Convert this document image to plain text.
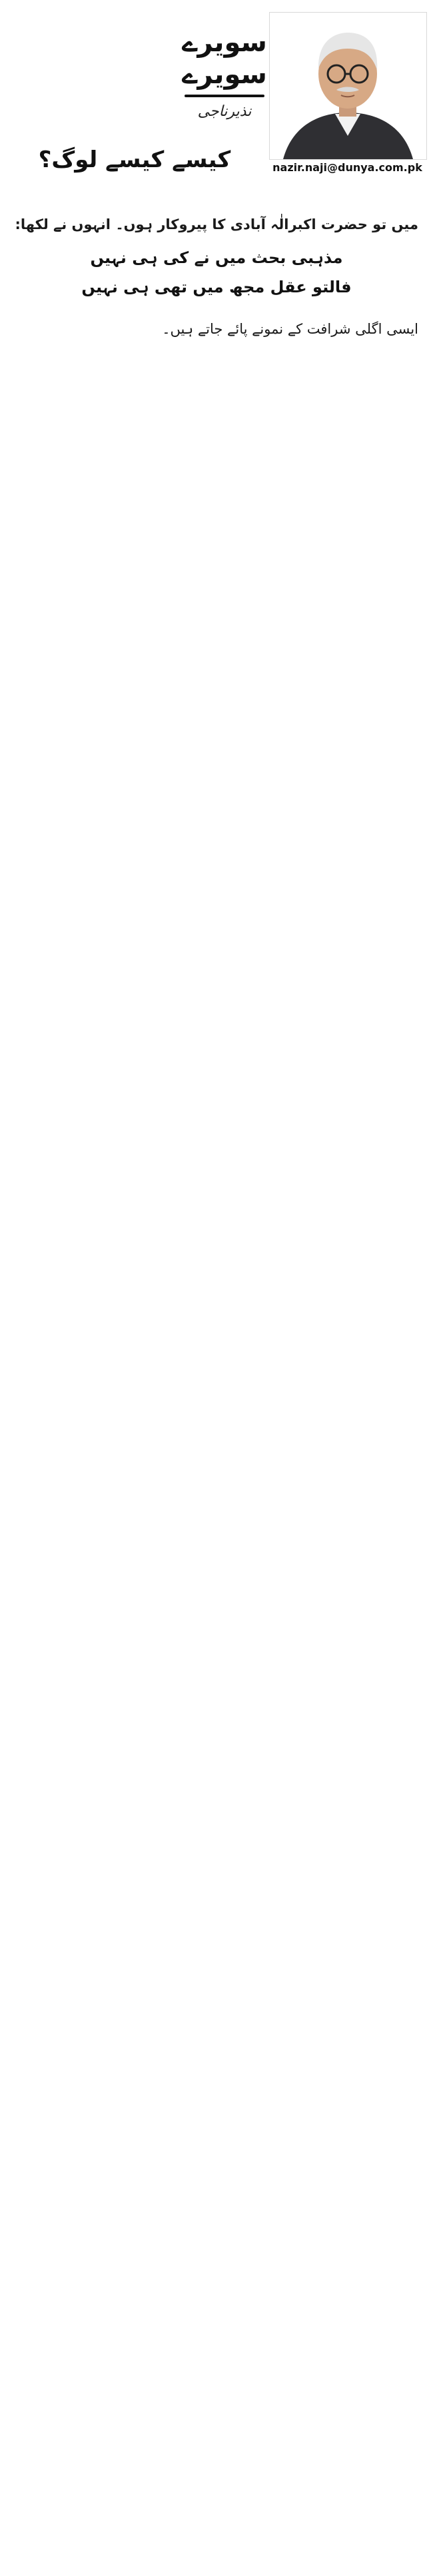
سویرے سویرے
نذیرناجی
nazir.naji@dunya.com.pk
کیسے کیسے لوگ؟

میں تو حضرت اکبرالٰہ آبادی کا پیروکار ہوں۔ انہوں نے لکھا:

مذہبی بحث میں نے کی ہی نہیں
فالتو عقل مجھ میں تھی ہی نہیں

ایسی اگلی شرافت کے نمونے پائے جاتے ہیں۔
